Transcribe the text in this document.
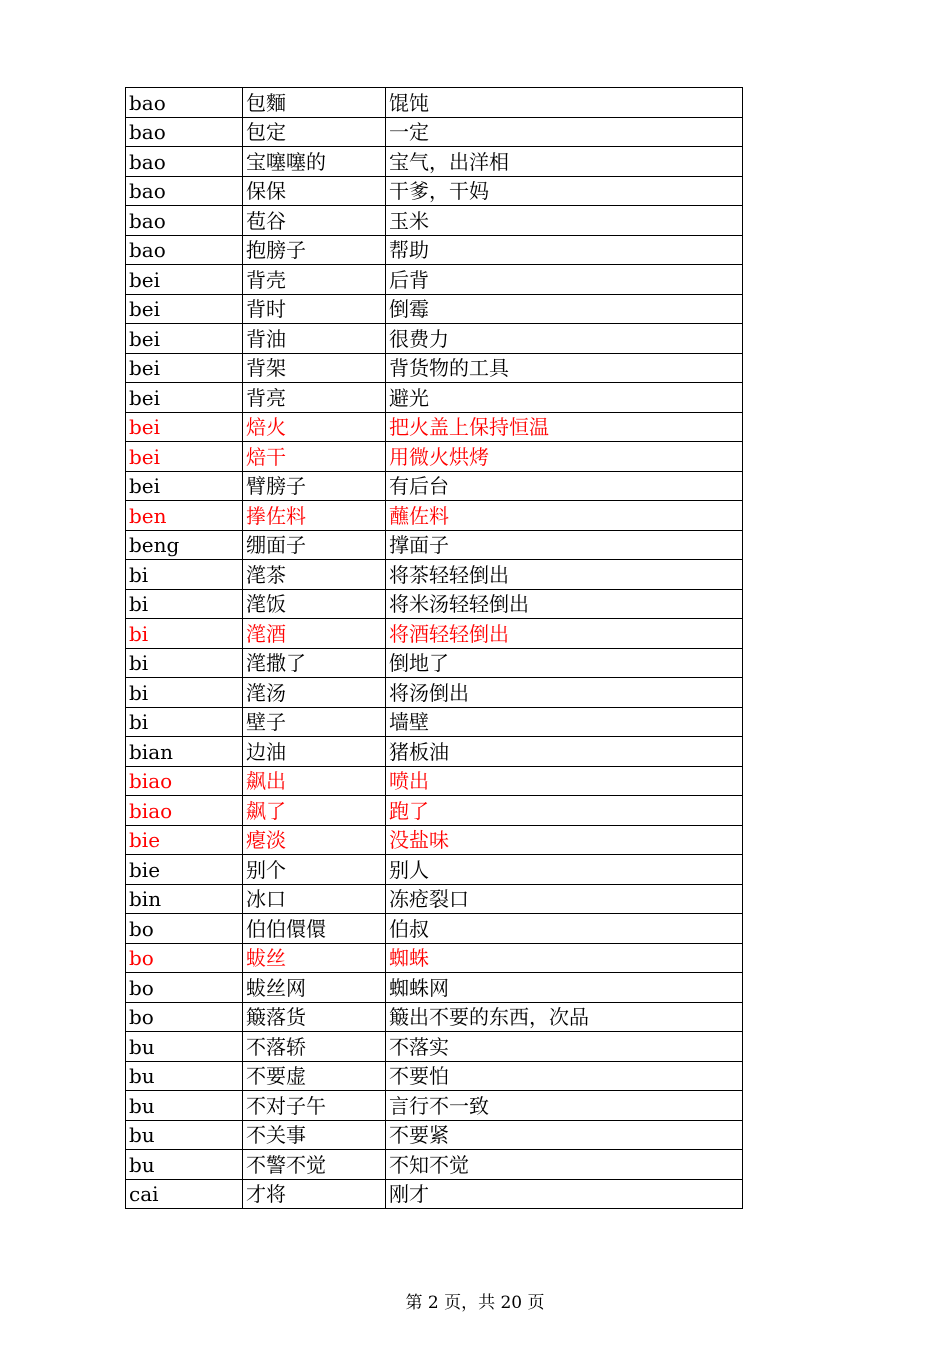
bao	包麵	馄饨
bao	包定	一定
bao	宝噻噻的	宝气，出洋相
bao	保保	干爹，干妈
bao	苞谷	玉米
bao	抱膀子	帮助
bei	背壳	后背
bei	背时	倒霉
bei	背油	很费力
bei	背架	背货物的工具
bei	背亮	避光
bei	焙火	把火盖上保持恒温
bei	焙干	用微火烘烤
bei	臂膀子	有后台
ben	搼佐料	蘸佐料
beng	绷面子	撑面子
bi	滗茶	将茶轻轻倒出
bi	滗饭	将米汤轻轻倒出
bi	滗酒	将酒轻轻倒出
bi	滗撒了	倒地了
bi	滗汤	将汤倒出
bi	壁子	墙壁
bian	边油	猪板油
biao	飙出	喷出
biao	飙了	跑了
bie	瘪淡	没盐味
bie	别个	别人
bin	冰口	冻疮裂口
bo	伯伯儇儇	伯叔
bo	蛂丝	蜘蛛
bo	蛂丝网	蜘蛛网
bo	簸落货	簸出不要的东西，次品
bu	不落轿	不落实
bu	不要虚	不要怕
bu	不对子午	言行不一致
bu	不关事	不要紧
bu	不警不觉	不知不觉
cai	才将	刚才
第 2 页，共 20 页
